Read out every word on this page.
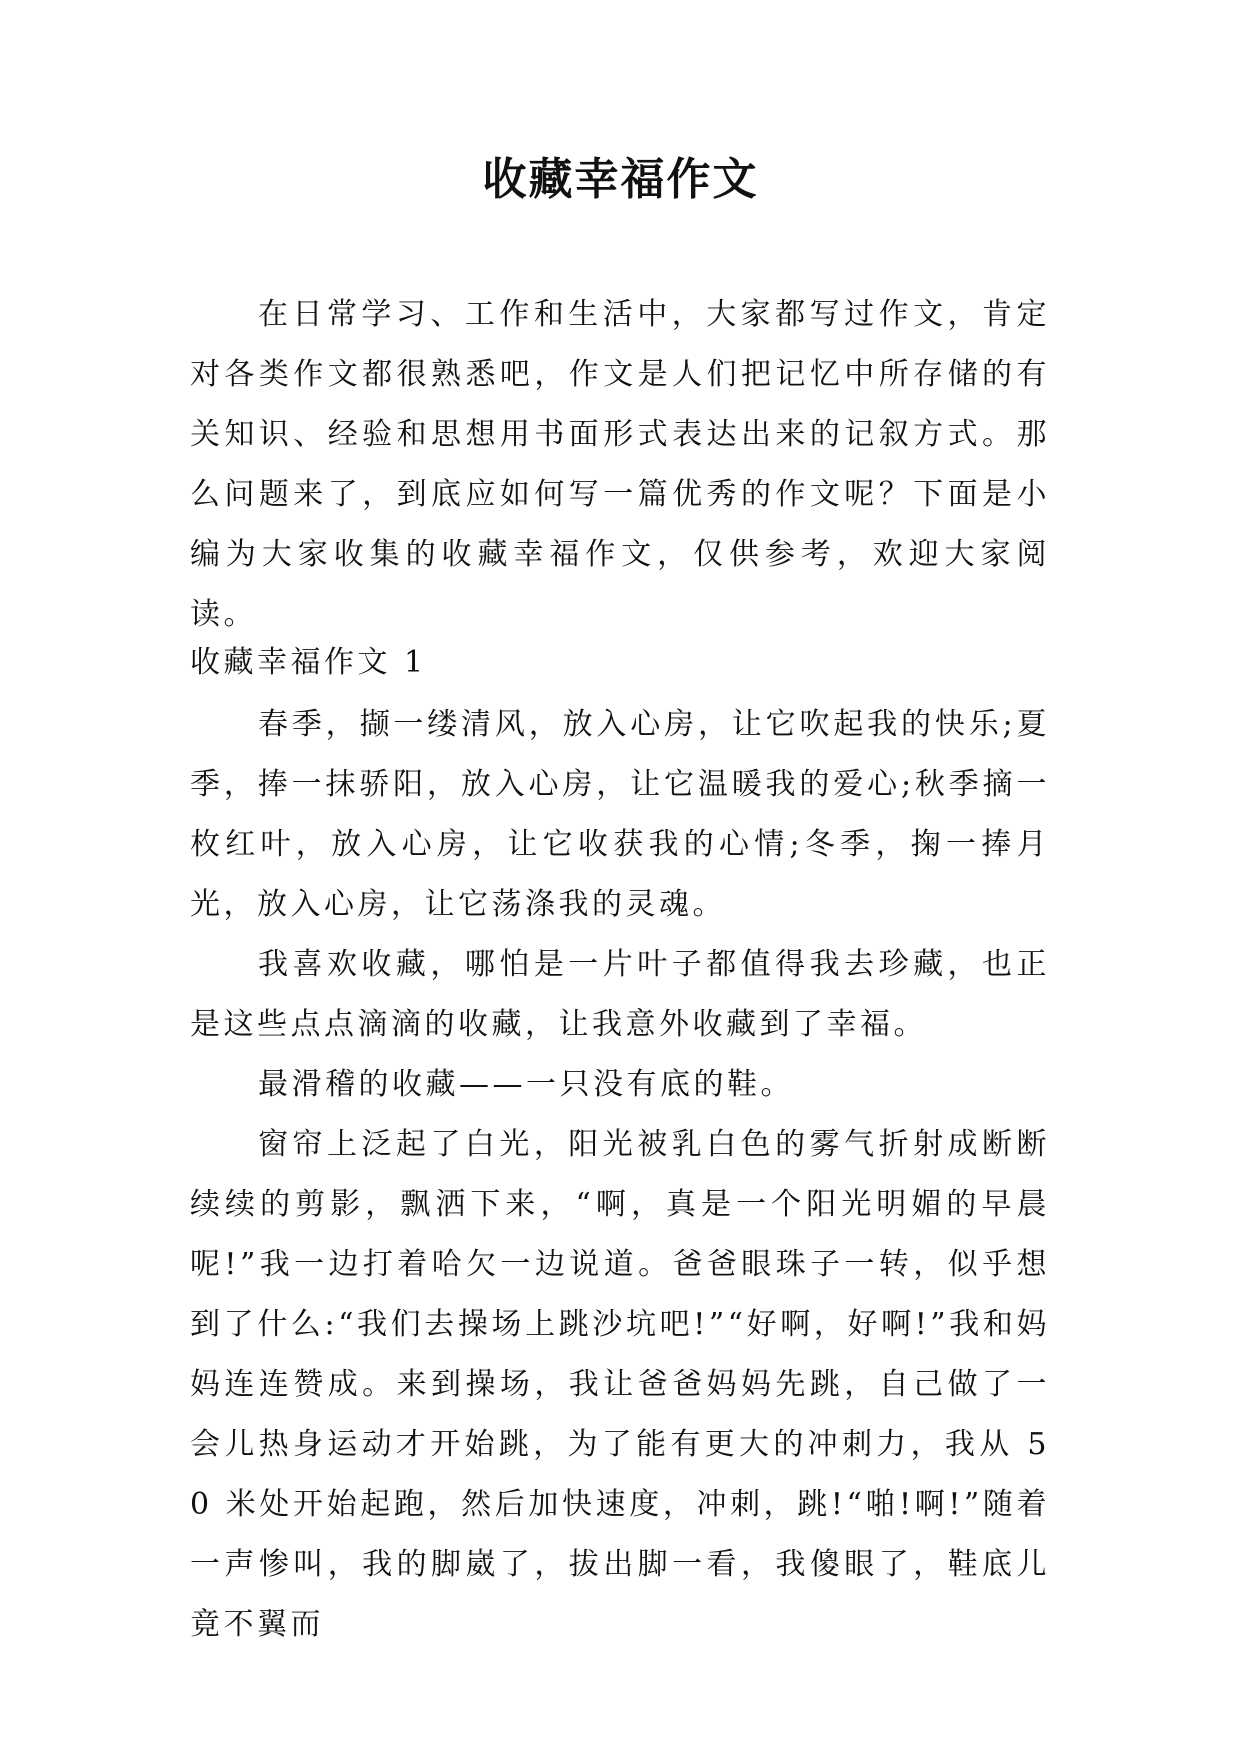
收藏幸福作文

在日常学习、工作和生活中，大家都写过作文，肯定对各类作文都很熟悉吧，作文是人们把记忆中所存储的有关知识、经验和思想用书面形式表达出来的记叙方式。那么问题来了，到底应如何写一篇优秀的作文呢？下面是小编为大家收集的收藏幸福作文，仅供参考，欢迎大家阅读。

收藏幸福作文 1

春季，撷一缕清风，放入心房，让它吹起我的快乐;夏季，捧一抹骄阳，放入心房，让它温暖我的爱心;秋季摘一枚红叶，放入心房，让它收获我的心情;冬季，掬一捧月光，放入心房，让它荡涤我的灵魂。

我喜欢收藏，哪怕是一片叶子都值得我去珍藏，也正是这些点点滴滴的收藏，让我意外收藏到了幸福。

最滑稽的收藏——一只没有底的鞋。

窗帘上泛起了白光，阳光被乳白色的雾气折射成断断续续的剪影，飘洒下来，“啊，真是一个阳光明媚的早晨呢!”我一边打着哈欠一边说道。爸爸眼珠子一转，似乎想到了什么:“我们去操场上跳沙坑吧!”“好啊，好啊!”我和妈妈连连赞成。来到操场，我让爸爸妈妈先跳，自己做了一会儿热身运动才开始跳，为了能有更大的冲刺力，我从 50 米处开始起跑，然后加快速度，冲刺，跳!“啪!啊!”随着一声惨叫，我的脚崴了，拔出脚一看，我傻眼了，鞋底儿竟不翼而
